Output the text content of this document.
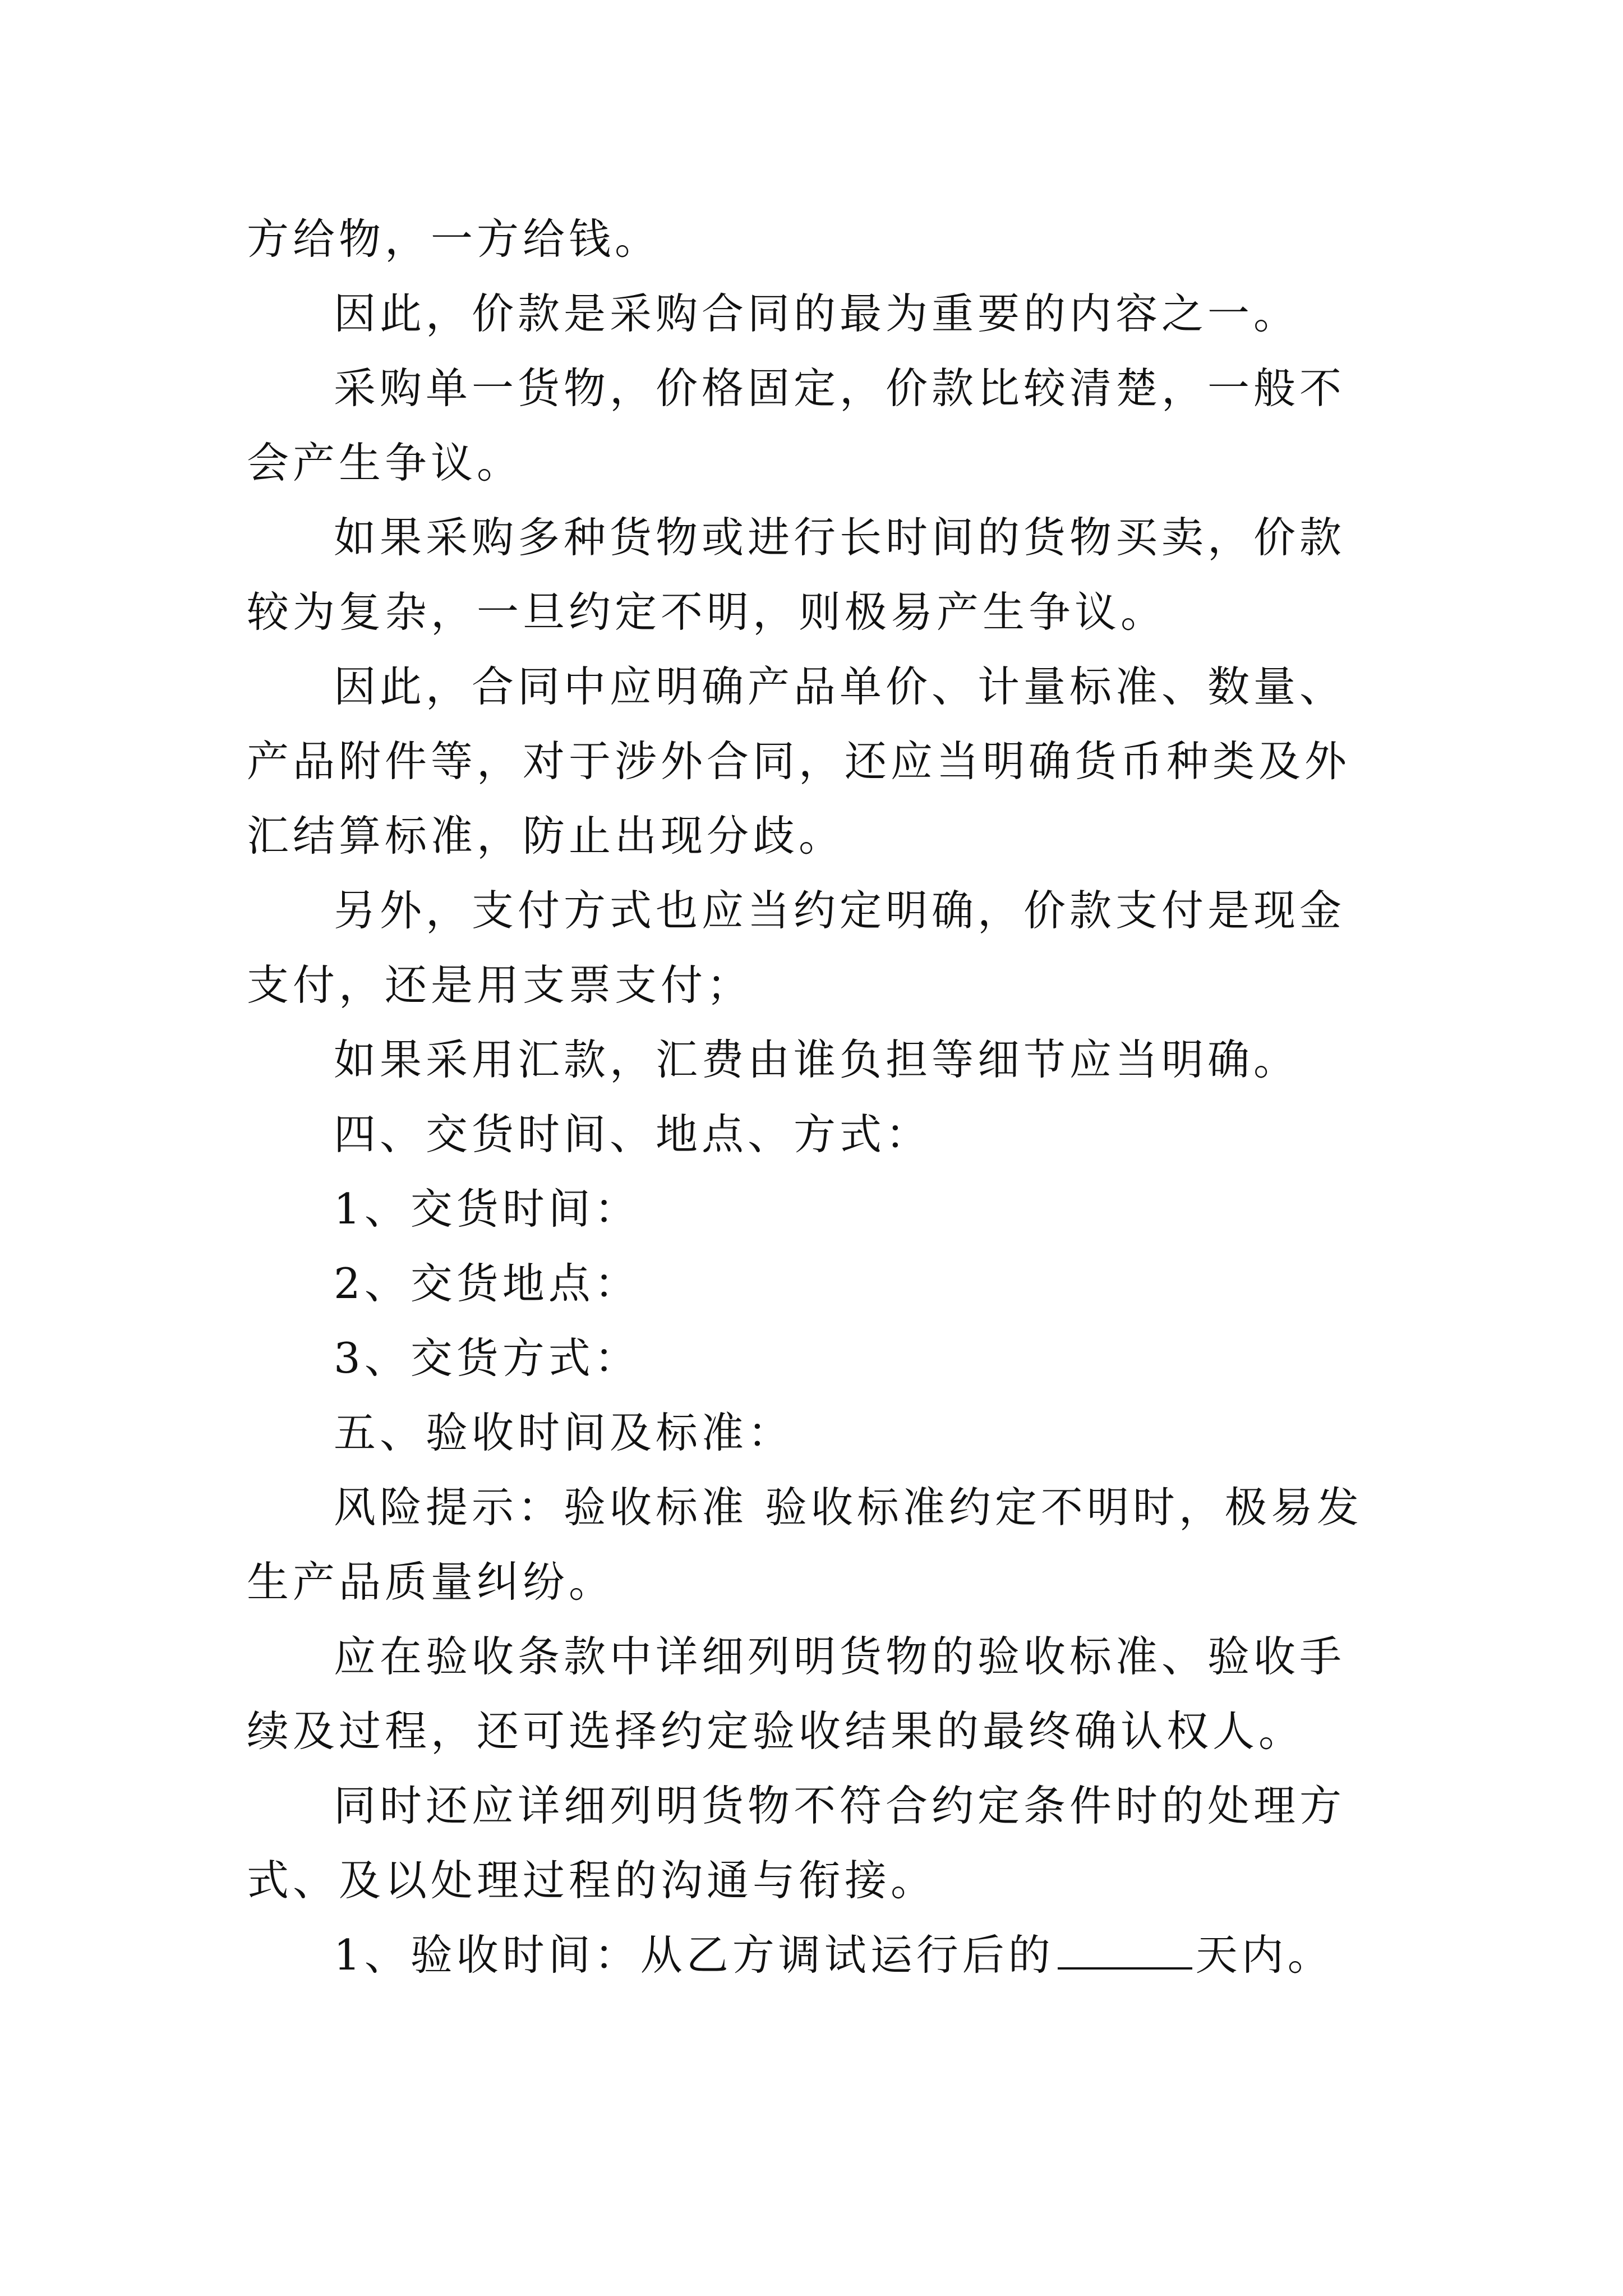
方给物，一方给钱。

因此，价款是采购合同的最为重要的内容之一。

采购单一货物，价格固定，价款比较清楚，一般不会产生争议。

如果采购多种货物或进行长时间的货物买卖，价款较为复杂，一旦约定不明，则极易产生争议。

因此，合同中应明确产品单价、计量标准、数量、产品附件等，对于涉外合同，还应当明确货币种类及外汇结算标准，防止出现分歧。

另外，支付方式也应当约定明确，价款支付是现金支付，还是用支票支付；

如果采用汇款，汇费由谁负担等细节应当明确。

四、交货时间、地点、方式：

1、交货时间：

2、交货地点：

3、交货方式：

五、验收时间及标准：

风险提示：验收标准 验收标准约定不明时，极易发生产品质量纠纷。

应在验收条款中详细列明货物的验收标准、验收手续及过程，还可选择约定验收结果的最终确认权人。

同时还应详细列明货物不符合约定条件时的处理方式、及以处理过程的沟通与衔接。

1、验收时间：从乙方调试运行后的	天内。
